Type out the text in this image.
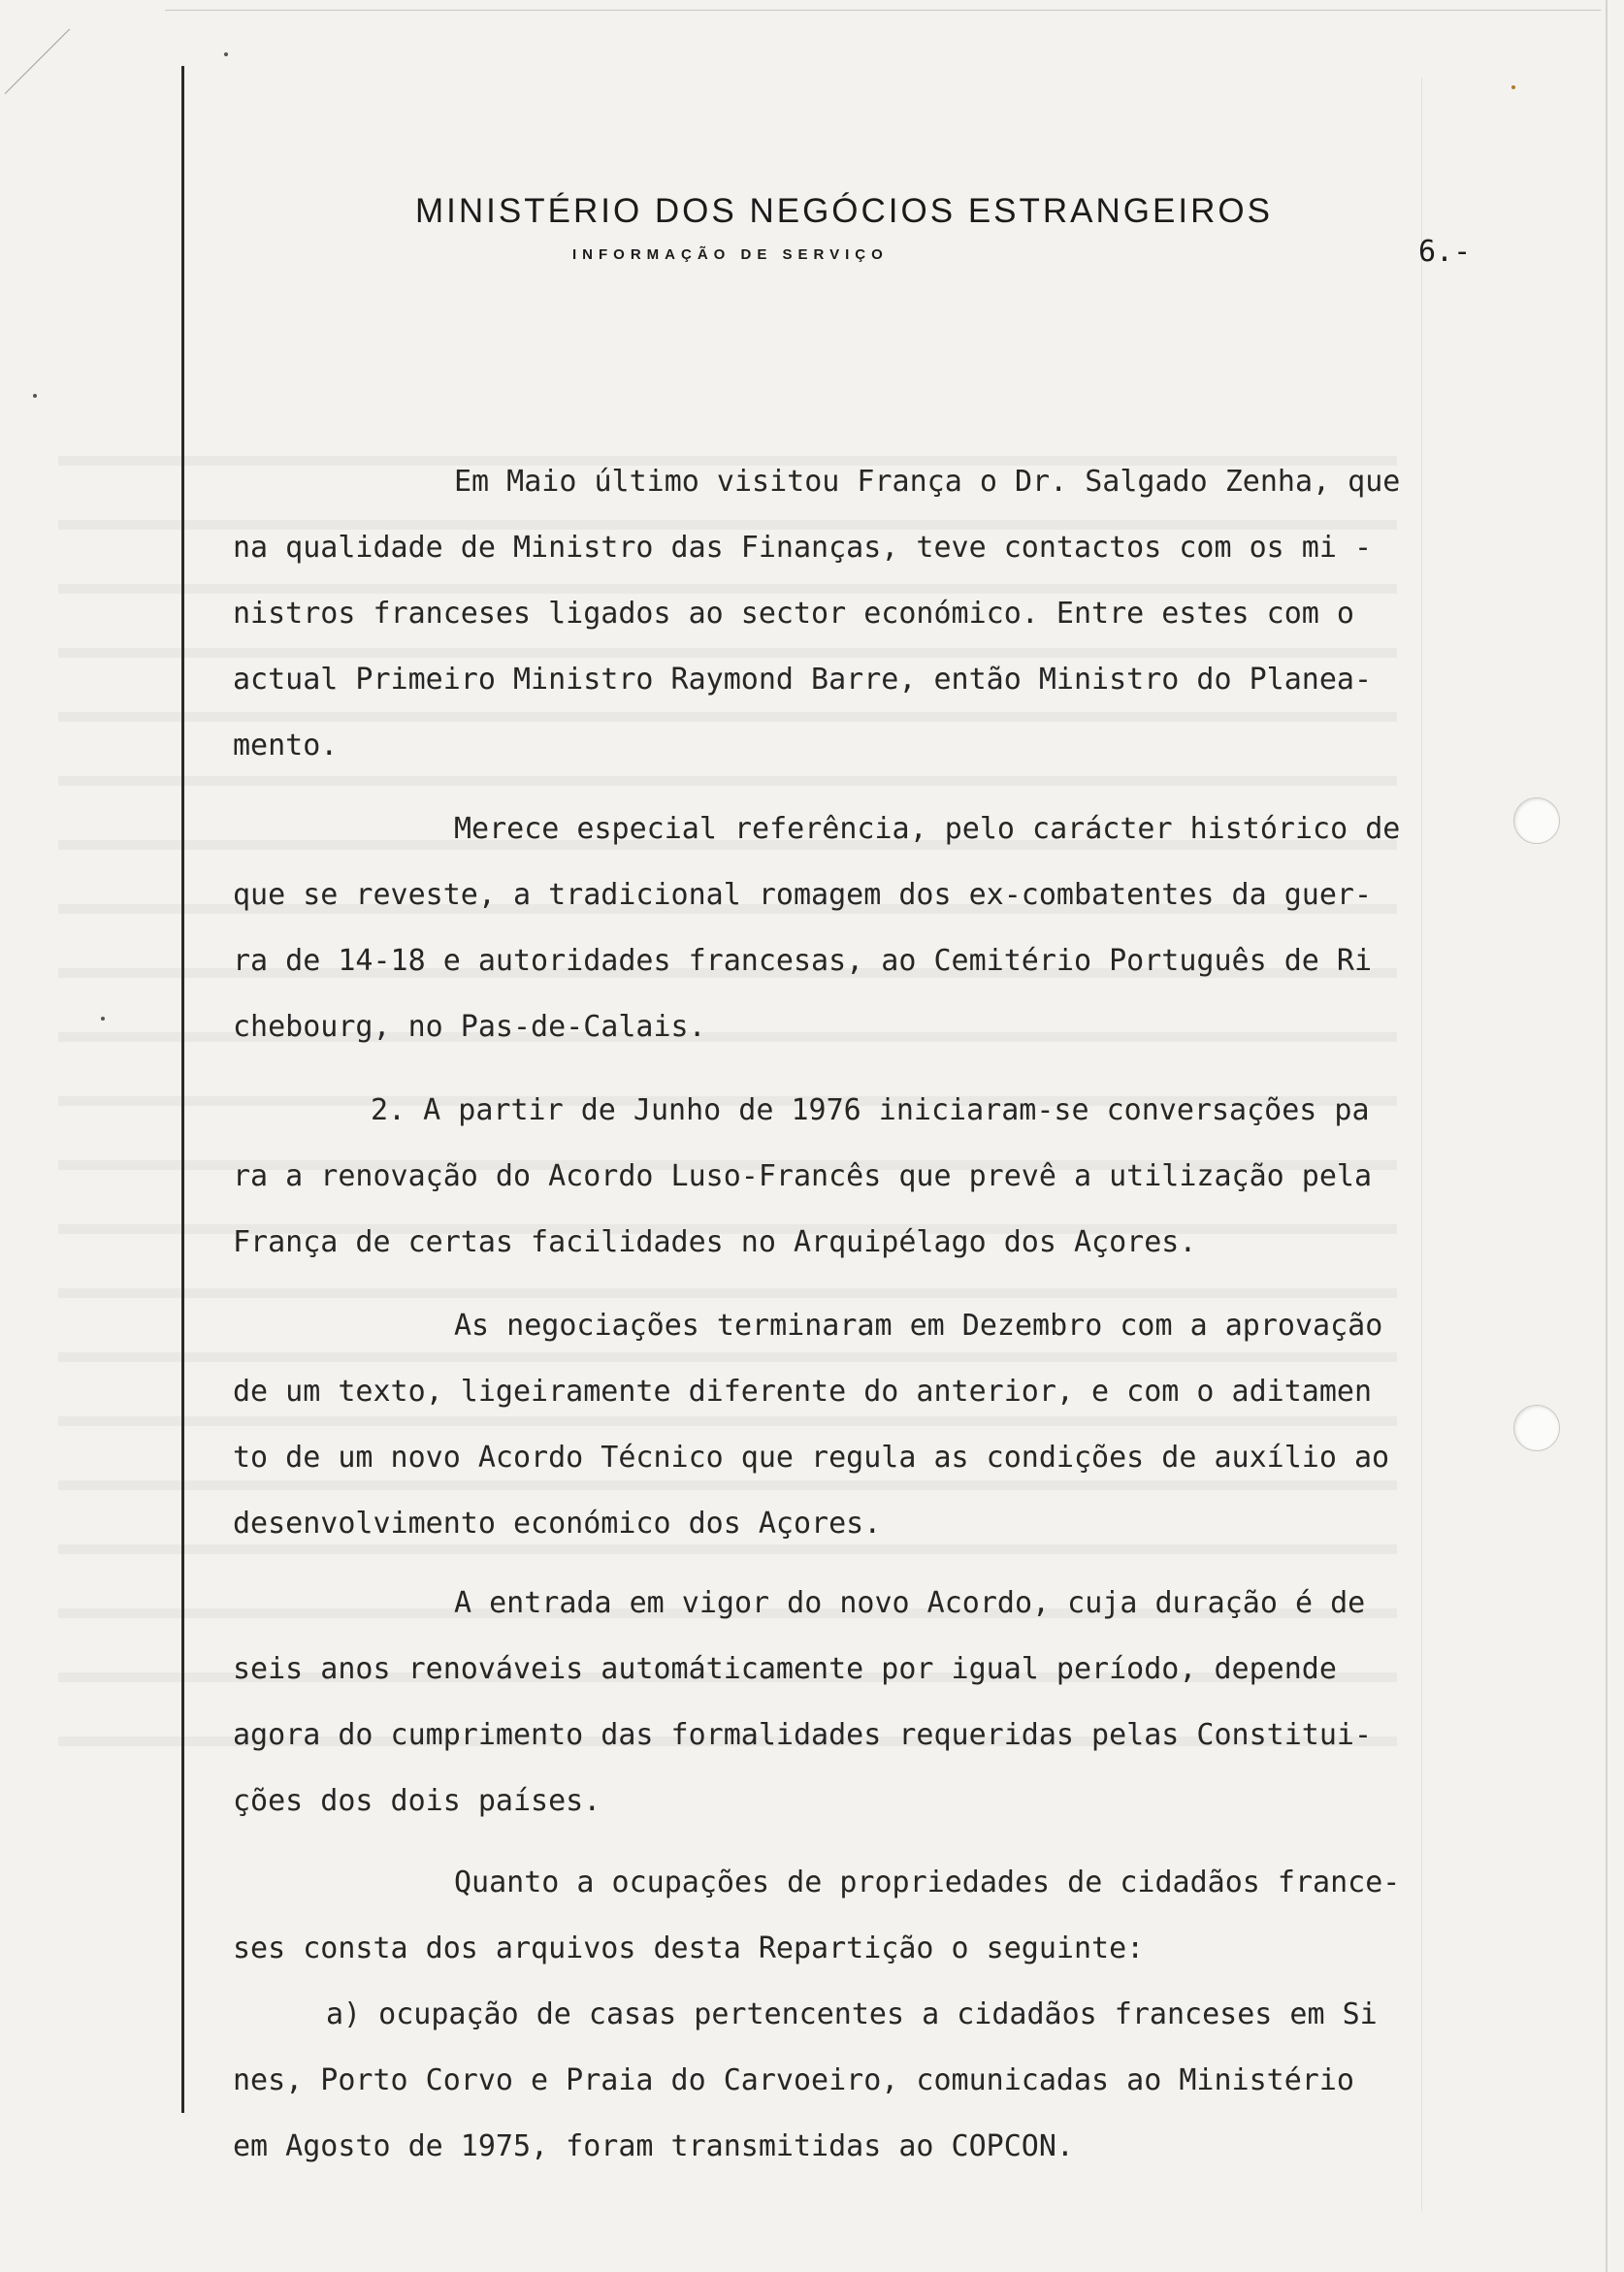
MINISTÉRIO DOS NEGÓCIOS ESTRANGEIROS
INFORMAÇÃO DE SERVIÇO	6.-
Em Maio último visitou França o Dr. Salgado Zenha, que
na qualidade de Ministro das Finanças, teve contactos com os mi -
nistros franceses ligados ao sector económico. Entre estes com o
actual Primeiro Ministro Raymond Barre, então Ministro do Planea-
mento.
Merece especial referência, pelo carácter histórico de
que se reveste, a tradicional romagem dos ex-combatentes da guer-
ra de 14-18 e autoridades francesas, ao Cemitério Português de Ri
chebourg, no Pas-de-Calais.
2. A partir de Junho de 1976 iniciaram-se conversações pa
ra a renovação do Acordo Luso-Francês que prevê a utilização pela
França de certas facilidades no Arquipélago dos Açores.
As negociações terminaram em Dezembro com a aprovação
de um texto, ligeiramente diferente do anterior, e com o aditamen
to de um novo Acordo Técnico que regula as condições de auxílio ao
desenvolvimento económico dos Açores.
A entrada em vigor do novo Acordo, cuja duração é de
seis anos renováveis automáticamente por igual período, depende
agora do cumprimento das formalidades requeridas pelas Constitui-
ções dos dois países.
Quanto a ocupações de propriedades de cidadãos france-
ses consta dos arquivos desta Repartição o seguinte:
a) ocupação de casas pertencentes a cidadãos franceses em Si
nes, Porto Corvo e Praia do Carvoeiro, comunicadas ao Ministério
em Agosto de 1975, foram transmitidas ao COPCON.
